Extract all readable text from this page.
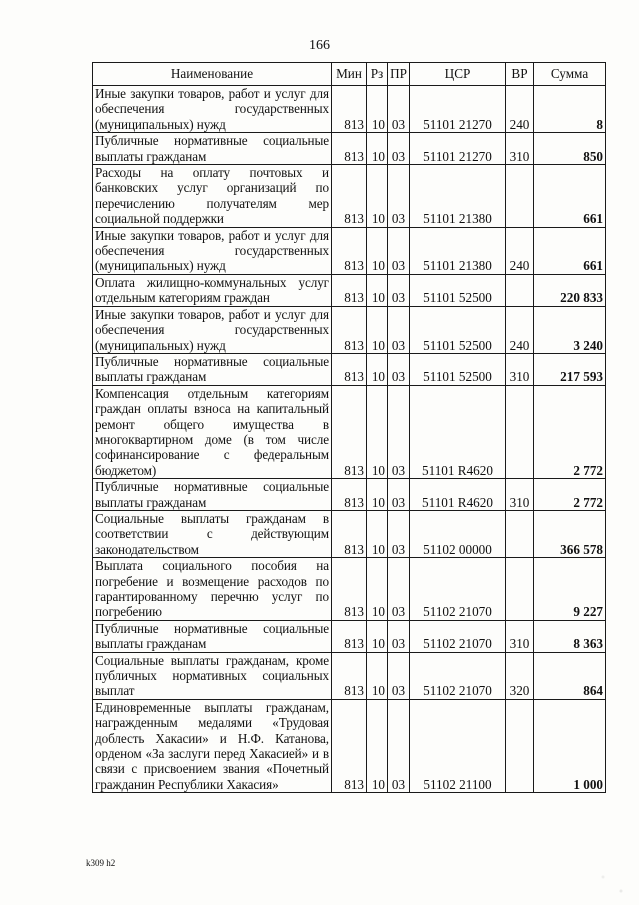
166
Наименование	Мин	Рз	ПР	ЦСР	ВР	Сумма
Иные закупки товаров, работ и услуг для обеспечения государственных (муниципальных) нужд	813	10	03	51101 21270	240	8
Публичные нормативные социальные выплаты гражданам	813	10	03	51101 21270	310	850
Расходы на оплату почтовых и банковских услуг организаций по перечислению получателям мер социальной поддержки	813	10	03	51101 21380		661
Иные закупки товаров, работ и услуг для обеспечения государственных (муниципальных) нужд	813	10	03	51101 21380	240	661
Оплата жилищно-коммунальных услуг отдельным категориям граждан	813	10	03	51101 52500		220 833
Иные закупки товаров, работ и услуг для обеспечения государственных (муниципальных) нужд	813	10	03	51101 52500	240	3 240
Публичные нормативные социальные выплаты гражданам	813	10	03	51101 52500	310	217 593
Компенсация отдельным категориям граждан оплаты взноса на капитальный ремонт общего имущества в многоквартирном доме (в том числе софинансирование с федеральным бюджетом)	813	10	03	51101 R4620		2 772
Публичные нормативные социальные выплаты гражданам	813	10	03	51101 R4620	310	2 772
Социальные выплаты гражданам в соответствии с действующим законодательством	813	10	03	51102 00000		366 578
Выплата социального пособия на погребение и возмещение расходов по гарантированному перечню услуг по погребению	813	10	03	51102 21070		9 227
Публичные нормативные социальные выплаты гражданам	813	10	03	51102 21070	310	8 363
Социальные выплаты гражданам, кроме публичных нормативных социальных выплат	813	10	03	51102 21070	320	864
Единовременные выплаты гражданам, награжденным медалями «Трудовая доблесть Хакасии» и Н.Ф. Катанова, орденом «За заслуги перед Хакасией» и в связи с присвоением звания «Почетный гражданин Республики Хакасия»	813	10	03	51102 21100		1 000
k309 h2
